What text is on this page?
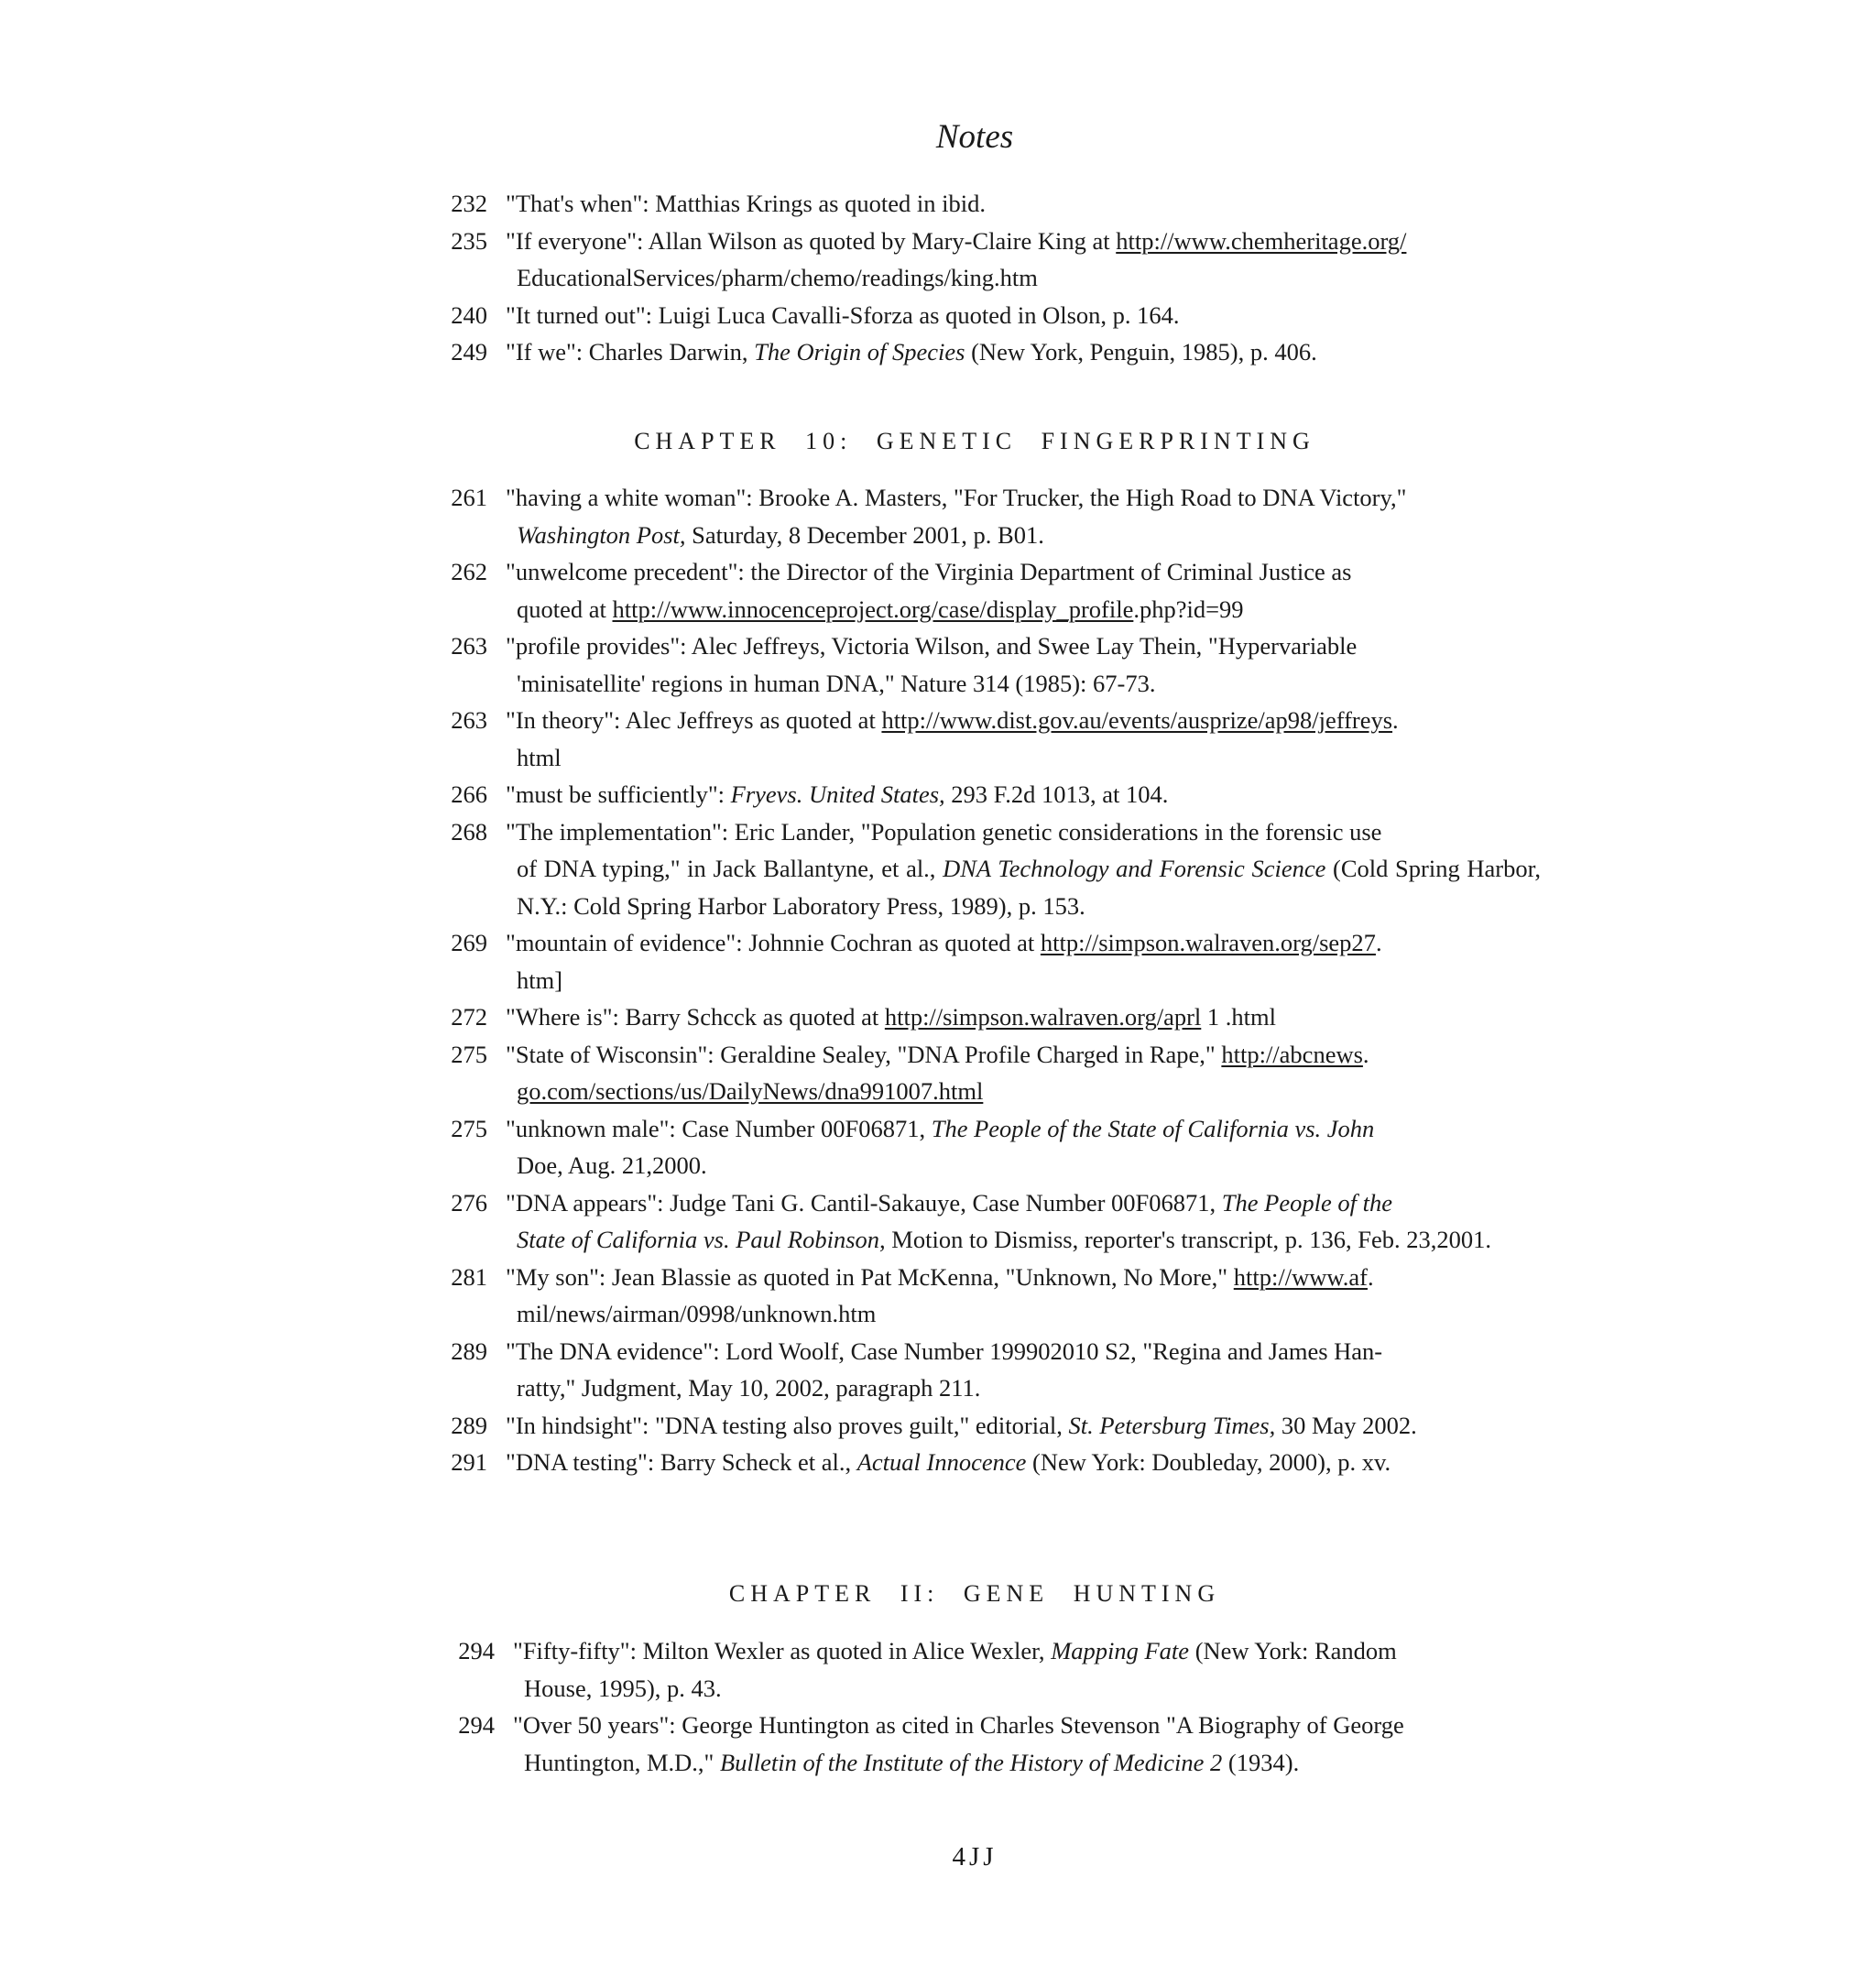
Notes
232 "That's when": Matthias Krings as quoted in ibid.
235 "If everyone": Allan Wilson as quoted by Mary-Claire King at http://www.chemheritage.org/
EducationalServices/pharm/chemo/readings/king.htm
240 "It turned out": Luigi Luca Cavalli-Sforza as quoted in Olson, p. 164.
249 "If we": Charles Darwin, The Origin of Species (New York, Penguin, 1985), p. 406.
CHAPTER 10: GENETIC FINGERPRINTING
261 "having a white woman": Brooke A. Masters, "For Trucker, the High Road to DNA Victory,"
Washington Post, Saturday, 8 December 2001, p. B01.
262 "unwelcome precedent": the Director of the Virginia Department of Criminal Justice as
quoted at http://www.innocenceproject.org/case/display_profile.php?id=99
263 "profile provides": Alec Jeffreys, Victoria Wilson, and Swee Lay Thein, "Hypervariable
'minisatellite' regions in human DNA," Nature 314 (1985): 67-73.
263 "In theory": Alec Jeffreys as quoted at http://www.dist.gov.au/events/ausprize/ap98/jeffreys.
html
266 "must be sufficiently": Fryevs. United States, 293 F.2d 1013, at 104.
268 "The implementation": Eric Lander, "Population genetic considerations in the forensic use
of DNA typing," in Jack Ballantyne, et al., DNA Technology and Forensic Science (Cold Spring Harbor, N.Y.: Cold Spring Harbor Laboratory Press, 1989), p. 153.
269 "mountain of evidence": Johnnie Cochran as quoted at http://simpson.walraven.org/sep27.
htm]
272 "Where is": Barry Schcck as quoted at http://simpson.walraven.org/aprl 1 .html
275 "State of Wisconsin": Geraldine Sealey, "DNA Profile Charged in Rape," http://abcnews.
go.com/sections/us/DailyNews/dna991007.html
275 "unknown male": Case Number 00F06871, The People of the State of California vs. John
Doe, Aug. 21,2000.
276 "DNA appears": Judge Tani G. Cantil-Sakauye, Case Number 00F06871, The People of the
State of California vs. Paul Robinson, Motion to Dismiss, reporter's transcript, p. 136, Feb. 23,2001.
281 "My son": Jean Blassie as quoted in Pat McKenna, "Unknown, No More," http://www.af.
mil/news/airman/0998/unknown.htm
289 "The DNA evidence": Lord Woolf, Case Number 199902010 S2, "Regina and James Han-
ratty," Judgment, May 10, 2002, paragraph 211.
289 "In hindsight": "DNA testing also proves guilt," editorial, St. Petersburg Times, 30 May 2002.
291 "DNA testing": Barry Scheck et al., Actual Innocence (New York: Doubleday, 2000), p. xv.
CHAPTER II: GENE HUNTING
294 "Fifty-fifty": Milton Wexler as quoted in Alice Wexler, Mapping Fate (New York: Random
House, 1995), p. 43.
294 "Over 50 years": George Huntington as cited in Charles Stevenson "A Biography of George
Huntington, M.D.," Bulletin of the Institute of the History of Medicine 2 (1934).
4JJ
